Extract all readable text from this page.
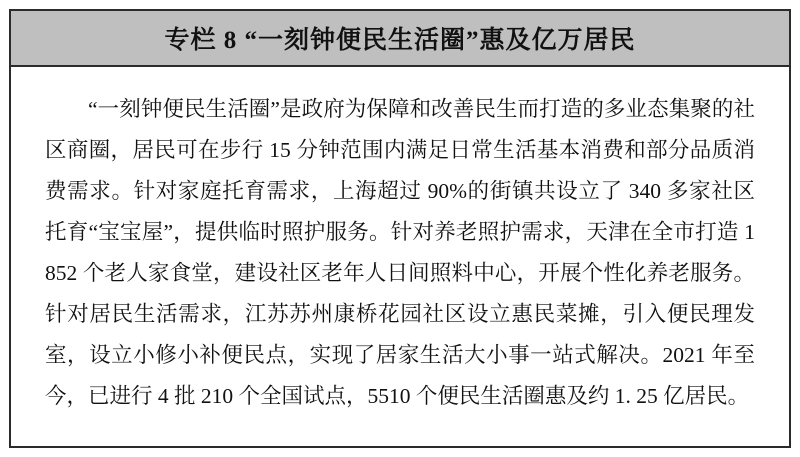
专栏 8 “一刻钟便民生活圈”惠及亿万居民

“一刻钟便民生活圈”是政府为保障和改善民生而打造的多业态集聚的社区商圈，居民可在步行 15 分钟范围内满足日常生活基本消费和部分品质消费需求。针对家庭托育需求，上海超过 90%的街镇共设立了 340 多家社区托育“宝宝屋”，提供临时照护服务。针对养老照护需求，天津在全市打造 1852 个老人家食堂，建设社区老年人日间照料中心，开展个性化养老服务。针对居民生活需求，江苏苏州康桥花园社区设立惠民菜摊，引入便民理发室，设立小修小补便民点，实现了居家生活大小事一站式解决。2021 年至今，已进行 4 批 210 个全国试点，5510 个便民生活圈惠及约 1. 25 亿居民。
